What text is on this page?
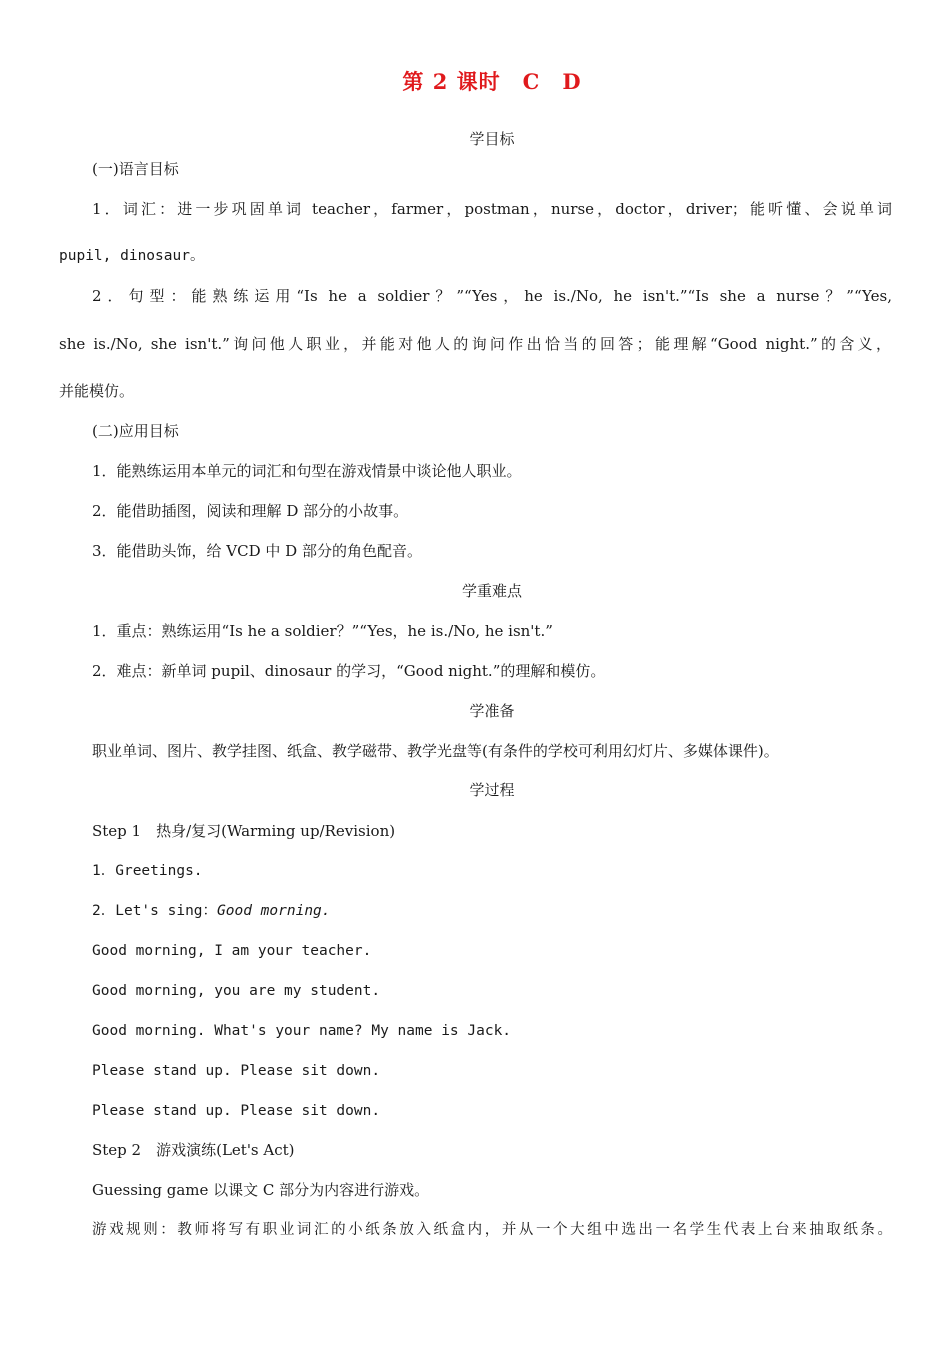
第 2 课时　C　D
学目标
(一)语言目标
1．词汇：进一步巩固单词 teacher，farmer，postman，nurse，doctor，driver；能听懂、会说单词
pupil, dinosaur。
2．句型：能熟练运用“Is he a soldier？”“Yes，he is./No, he isn't.”“Is she a nurse？”“Yes,
she is./No, she isn't.”询问他人职业，并能对他人的询问作出恰当的回答；能理解“Good night.”的含义，
并能模仿。
(二)应用目标
1．能熟练运用本单元的词汇和句型在游戏情景中谈论他人职业。
2．能借助插图，阅读和理解 D 部分的小故事。
3．能借助头饰，给 VCD 中 D 部分的角色配音。
学重难点
1．重点：熟练运用“Is he a soldier？”“Yes，he is./No, he isn't.”
2．难点：新单词 pupil、dinosaur 的学习，“Good night.”的理解和模仿。
学准备
职业单词、图片、教学挂图、纸盒、教学磁带、教学光盘等(有条件的学校可利用幻灯片、多媒体课件)。
学过程
Step 1　热身/复习(Warming up/Revision)
1．Greetings.
2．Let's sing：Good morning.
Good morning, I am your teacher.
Good morning, you are my student.
Good morning. What's your name? My name is Jack.
Please stand up. Please sit down.
Please stand up. Please sit down.
Step 2　游戏演练(Let's Act)
Guessing game 以课文 C 部分为内容进行游戏。
游戏规则：教师将写有职业词汇的小纸条放入纸盒内，并从一个大组中选出一名学生代表上台来抽取纸条。
